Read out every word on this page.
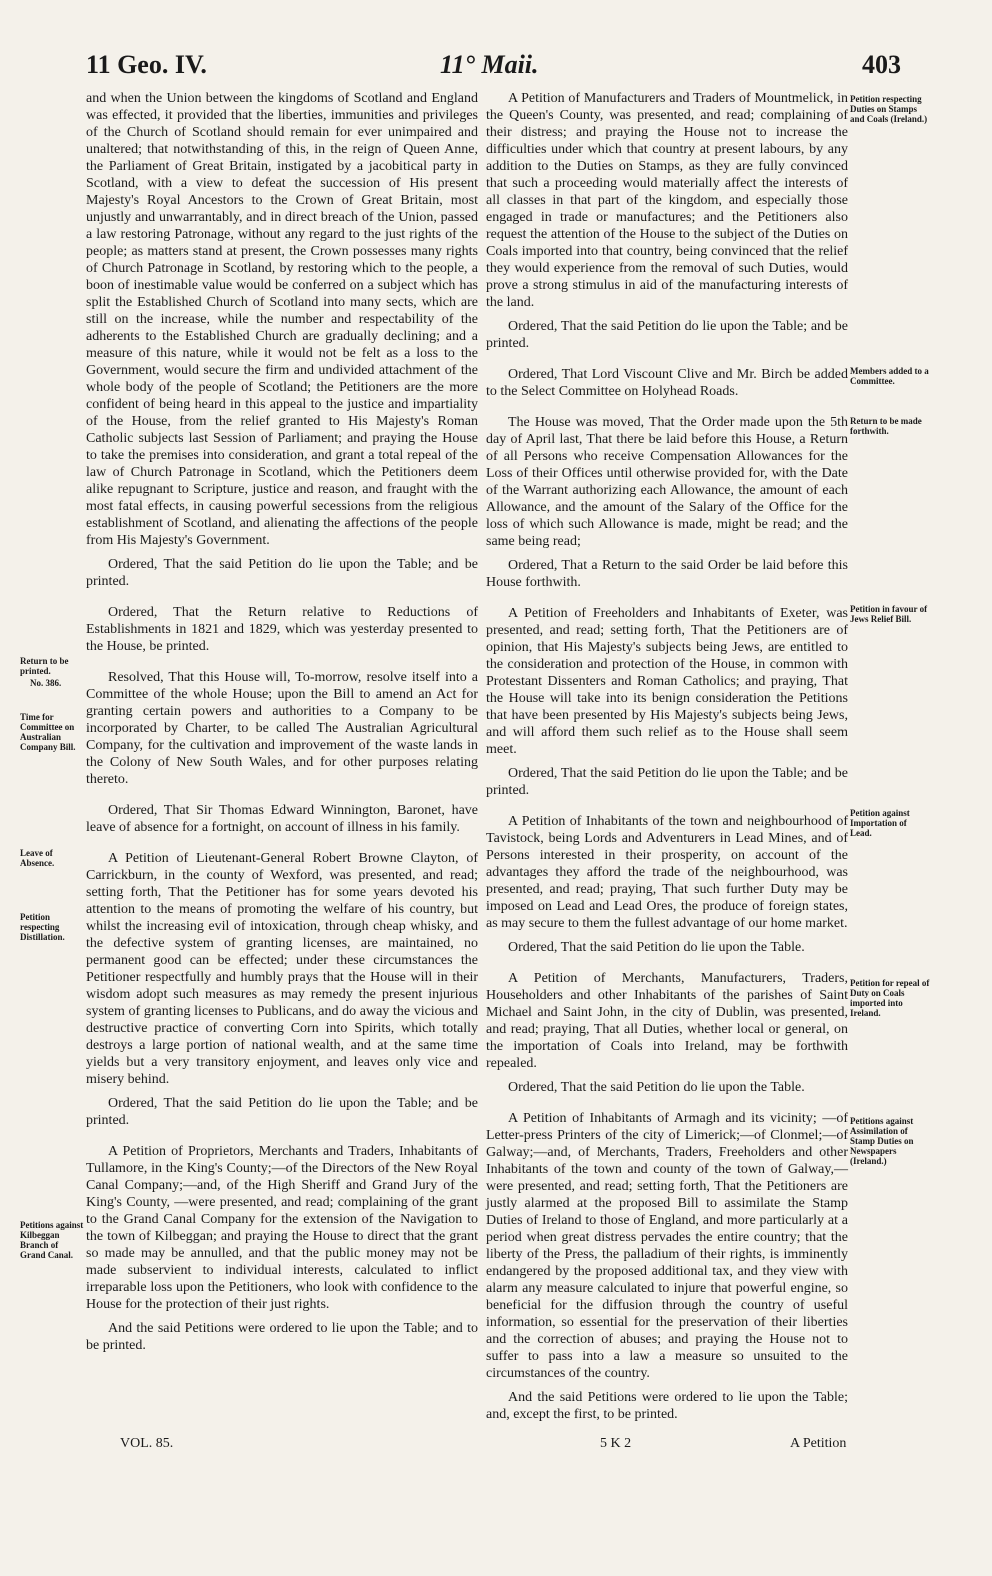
11 Geo. IV.	11° Maii.	403

and when the Union between the kingdoms of Scotland and England was effected, it provided that the liberties, immunities and privileges of the Church of Scotland should remain for ever unimpaired and unaltered; that notwithstanding of this, in the reign of Queen Anne, the Parliament of Great Britain, instigated by a jacobitical party in Scotland, with a view to defeat the succession of His present Majesty's Royal Ancestors to the Crown of Great Britain, most unjustly and unwarrantably, and in direct breach of the Union, passed a law restoring Patronage, without any regard to the just rights of the people; as matters stand at present, the Crown possesses many rights of Church Patronage in Scotland, by restoring which to the people, a boon of inestimable value would be conferred on a subject which has split the Established Church of Scotland into many sects, which are still on the increase, while the number and respectability of the adherents to the Established Church are gradually declining; and a measure of this nature, while it would not be felt as a loss to the Government, would secure the firm and undivided attachment of the whole body of the people of Scotland; the Petitioners are the more confident of being heard in this appeal to the justice and impartiality of the House, from the relief granted to His Majesty's Roman Catholic subjects last Session of Parliament; and praying the House to take the premises into consideration, and grant a total repeal of the law of Church Patronage in Scotland, which the Petitioners deem alike repugnant to Scripture, justice and reason, and fraught with the most fatal effects, in causing powerful secessions from the religious establishment of Scotland, and alienating the affections of the people from His Majesty's Government.

Ordered, That the said Petition do lie upon the Table; and be printed.

Ordered, That the Return relative to Reductions of Establishments in 1821 and 1829, which was yesterday presented to the House, be printed.

Resolved, That this House will, To-morrow, resolve itself into a Committee of the whole House; upon the Bill to amend an Act for granting certain powers and authorities to a Company to be incorporated by Charter, to be called The Australian Agricultural Company, for the cultivation and improvement of the waste lands in the Colony of New South Wales, and for other purposes relating thereto.

Ordered, That Sir Thomas Edward Winnington, Baronet, have leave of absence for a fortnight, on account of illness in his family.

A Petition of Lieutenant-General Robert Browne Clayton, of Carrickburn, in the county of Wexford, was presented, and read; setting forth, That the Petitioner has for some years devoted his attention to the means of promoting the welfare of his country, but whilst the increasing evil of intoxication, through cheap whisky, and the defective system of granting licenses, are maintained, no permanent good can be effected; under these circumstances the Petitioner respectfully and humbly prays that the House will in their wisdom adopt such measures as may remedy the present injurious system of granting licenses to Publicans, and do away the vicious and destructive practice of converting Corn into Spirits, which totally destroys a large portion of national wealth, and at the same time yields but a very transitory enjoyment, and leaves only vice and misery behind.

Ordered, That the said Petition do lie upon the Table; and be printed.

A Petition of Proprietors, Merchants and Traders, Inhabitants of Tullamore, in the King's County;—of the Directors of the New Royal Canal Company;—and, of the High Sheriff and Grand Jury of the King's County, —were presented, and read; complaining of the grant to the Grand Canal Company for the extension of the Navigation to the town of Kilbeggan; and praying the House to direct that the grant so made may be annulled, and that the public money may not be made subservient to individual interests, calculated to inflict irreparable loss upon the Petitioners, who look with confidence to the House for the protection of their just rights.

And the said Petitions were ordered to lie upon the Table; and to be printed.

Return to be printed.
No. 386.
Time for Committee on Australian Company Bill.
Leave of Absence.
Petition respecting Distillation.
Petitions against Kilbeggan Branch of Grand Canal.

A Petition of Manufacturers and Traders of Mountmelick, in the Queen's County, was presented, and read; complaining of their distress; and praying the House not to increase the difficulties under which that country at present labours, by any addition to the Duties on Stamps, as they are fully convinced that such a proceeding would materially affect the interests of all classes in that part of the kingdom, and especially those engaged in trade or manufactures; and the Petitioners also request the attention of the House to the subject of the Duties on Coals imported into that country, being convinced that the relief they would experience from the removal of such Duties, would prove a strong stimulus in aid of the manufacturing interests of the land.

Ordered, That the said Petition do lie upon the Table; and be printed.

Ordered, That Lord Viscount Clive and Mr. Birch be added to the Select Committee on Holyhead Roads.

The House was moved, That the Order made upon the 5th day of April last, That there be laid before this House, a Return of all Persons who receive Compensation Allowances for the Loss of their Offices until otherwise provided for, with the Date of the Warrant authorizing each Allowance, the amount of each Allowance, and the amount of the Salary of the Office for the loss of which such Allowance is made, might be read; and the same being read;

Ordered, That a Return to the said Order be laid before this House forthwith.

A Petition of Freeholders and Inhabitants of Exeter, was presented, and read; setting forth, That the Petitioners are of opinion, that His Majesty's subjects being Jews, are entitled to the consideration and protection of the House, in common with Protestant Dissenters and Roman Catholics; and praying, That the House will take into its benign consideration the Petitions that have been presented by His Majesty's subjects being Jews, and will afford them such relief as to the House shall seem meet.

Ordered, That the said Petition do lie upon the Table; and be printed.

A Petition of Inhabitants of the town and neighbourhood of Tavistock, being Lords and Adventurers in Lead Mines, and of Persons interested in their prosperity, on account of the advantages they afford the trade of the neighbourhood, was presented, and read; praying, That such further Duty may be imposed on Lead and Lead Ores, the produce of foreign states, as may secure to them the fullest advantage of our home market.

Ordered, That the said Petition do lie upon the Table.

A Petition of Merchants, Manufacturers, Traders, Householders and other Inhabitants of the parishes of Saint Michael and Saint John, in the city of Dublin, was presented, and read; praying, That all Duties, whether local or general, on the importation of Coals into Ireland, may be forthwith repealed.

Ordered, That the said Petition do lie upon the Table.

A Petition of Inhabitants of Armagh and its vicinity; —of Letter-press Printers of the city of Limerick;—of Clonmel;—of Galway;—and, of Merchants, Traders, Freeholders and other Inhabitants of the town and county of the town of Galway,—were presented, and read; setting forth, That the Petitioners are justly alarmed at the proposed Bill to assimilate the Stamp Duties of Ireland to those of England, and more particularly at a period when great distress pervades the entire country; that the liberty of the Press, the palladium of their rights, is imminently endangered by the proposed additional tax, and they view with alarm any measure calculated to injure that powerful engine, so beneficial for the diffusion through the country of useful information, so essential for the preservation of their liberties and the correction of abuses; and praying the House not to suffer to pass into a law a measure so unsuited to the circumstances of the country.

And the said Petitions were ordered to lie upon the Table; and, except the first, to be printed.

Petition respecting Duties on Stamps and Coals (Ireland.)
Members added to a Committee.
Return to be made forthwith.
Petition in favour of Jews Relief Bill.
Petition against Importation of Lead.
Petition for repeal of Duty on Coals imported into Ireland.
Petitions against Assimilation of Stamp Duties on Newspapers (Ireland.)
VOL. 85.	5 K 2	A Petition
